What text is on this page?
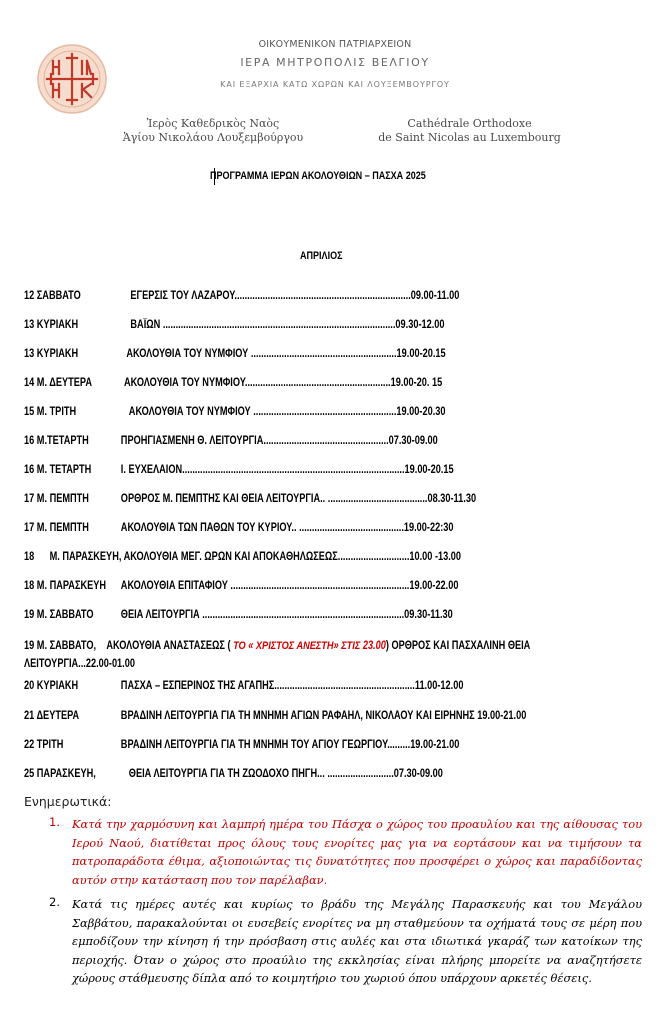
ΟΙΚΟΥΜΕΝΙΚΟΝ ΠΑΤΡΙΑΡΧΕΙΟΝ
ΙΕΡΑ ΜΗΤΡΟΠΟΛΙΣ ΒΕΛΓΙΟΥ
ΚΑΙ ΕΞΑΡΧΙΑ ΚΑΤΩ ΧΩΡΩΝ ΚΑΙ ΛΟΥΞΕΜΒΟΥΡΓΟΥ
Ἱερὸς Καθεδρικὸς Ναὸς
Ἁγίου Νικολάου Λουξεμβούργου
Cathédrale Orthodoxe
de Saint Nicolas au Luxembourg
ΠΡΟΓΡΑΜΜΑ ΙΕΡΩΝ ΑΚΟΛΟΥΘΙΩΝ – ΠΑΣΧΑ 2025
ΑΠΡΙΛΙΟΣ
12 ΣΑΒΒΑΤΟ	ΕΓΕΡΣΙΣ ΤΟΥ ΛΑΖΑΡΟΥ.....................................................................09.00-11.00
13 ΚΥΡΙΑΚΗ	ΒΑΪΩΝ ...........................................................................................09.30-12.00
13 ΚΥΡΙΑΚΗ	ΑΚΟΛΟΥΘΙΑ ΤΟΥ ΝΥΜΦΙΟΥ .........................................................19.00-20.15
14 Μ. ΔΕΥΤΕΡΑ	ΑΚΟΛΟΥΘΙΑ ΤΟΥ ΝΥΜΦΙΟΥ.........................................................19.00-20. 15
15 Μ. ΤΡΙΤΗ	ΑΚΟΛΟΥΘΙΑ ΤΟΥ ΝΥΜΦΙΟΥ ........................................................19.00-20.30
16 Μ.ΤΕΤΑΡΤΗ	ΠΡΟΗΓΙΑΣΜΕΝΗ Θ. ΛΕΙΤΟΥΡΓΙΑ.................................................07.30-09.00
16 Μ. ΤΕΤΑΡΤΗ	Ι. ΕΥΧΕΛΑΙΟΝ.......................................................................................19.00-20.15
17 Μ. ΠΕΜΠΤΗ	ΟΡΘΡΟΣ Μ. ΠΕΜΠΤΗΣ ΚΑΙ ΘΕΙΑ ΛΕΙΤΟΥΡΓΙΑ.. .......................................08.30-11.30
17 Μ. ΠΕΜΠΤΗ	ΑΚΟΛΟΥΘΙΑ ΤΩΝ ΠΑΘΩΝ ΤΟΥ ΚΥΡΙΟΥ.. .........................................19.00-22:30
18 Μ. ΠΑΡΑΣΚΕΥΗ, ΑΚΟΛΟΥΘΙΑ ΜΕΓ. ΩΡΩΝ ΚΑΙ ΑΠΟΚΑΘΗΛΩΣΕΩΣ............................10.00 -13.00
18 Μ. ΠΑΡΑΣΚΕΥΗ ΑΚΟΛΟΥΘΙΑ ΕΠΙΤΑΦΙΟΥ ......................................................................19.00-22.00
19 Μ. ΣΑΒΒΑΤΟ ΘΕΙΑ ΛΕΙΤΟΥΡΓΙΑ ...............................................................................09.30-11.30
19 Μ. ΣΑΒΒΑΤΟ, ΑΚΟΛΟΥΘΙΑ ΑΝΑΣΤΑΣΕΩΣ ( ΤΟ « ΧΡΙΣΤΟΣ ΑΝΕΣΤΗ» ΣΤΙΣ 23.00) ΟΡΘΡΟΣ ΚΑΙ ΠΑΣΧΑΛΙΝΗ ΘΕΙΑ
ΛΕΙΤΟΥΡΓΙΑ...22.00-01.00
20 ΚΥΡΙΑΚΗ	ΠΑΣΧΑ – ΕΣΠΕΡΙΝΟΣ ΤΗΣ ΑΓΑΠΗΣ.......................................................11.00-12.00
21 ΔΕΥΤΕΡΑ	ΒΡΑΔΙΝΗ ΛΕΙΤΟΥΡΓΙΑ ΓΙΑ ΤΗ ΜΝΗΜΗ ΑΓΙΩΝ ΡΑΦΑΗΛ, ΝΙΚΟΛΑΟΥ ΚΑΙ ΕΙΡΗΝΗΣ 19.00-21.00
22 ΤΡΙΤΗ	ΒΡΑΔΙΝΗ ΛΕΙΤΟΥΡΓΙΑ ΓΙΑ ΤΗ ΜΝΗΜΗ ΤΟΥ ΑΓΙΟΥ ΓΕΩΡΓΙΟΥ.........19.00-21.00
25 ΠΑΡΑΣΚΕΥΗ,	ΘΕΙΑ ΛΕΙΤΟΥΡΓΙΑ ΓΙΑ ΤΗ ΖΩΟΔΟΧΟ ΠΗΓΗ... ..........................07.30-09.00
Ενημερωτικά:
1. Κατά την χαρμόσυνη και λαμπρή ημέρα του Πάσχα ο χώρος του προαυλίου και της αίθουσας του Ιερού Ναού, διατίθεται προς όλους τους ενορίτες μας για να εορτάσουν και να τιμήσουν τα πατροπαράδοτα έθιμα, αξιοποιώντας τις δυνατότητες που προσφέρει ο χώρος και παραδίδοντας αυτόν στην κατάσταση που τον παρέλαβαν.
2. Κατά τις ημέρες αυτές και κυρίως το βράδυ της Μεγάλης Παρασκευής και του Μεγάλου Σαββάτου, παρακαλούνται οι ευσεβείς ενορίτες να μη σταθμεύουν τα οχήματά τους σε μέρη που εμποδίζουν την κίνηση ή την πρόσβαση στις αυλές και στα ιδιωτικά γκαράζ των κατοίκων της περιοχής. Όταν ο χώρος στο προαύλιο της εκκλησίας είναι πλήρης μπορείτε να αναζητήσετε χώρους στάθμευσης δίπλα από το κοιμητήριο του χωριού όπου υπάρχουν αρκετές θέσεις.
